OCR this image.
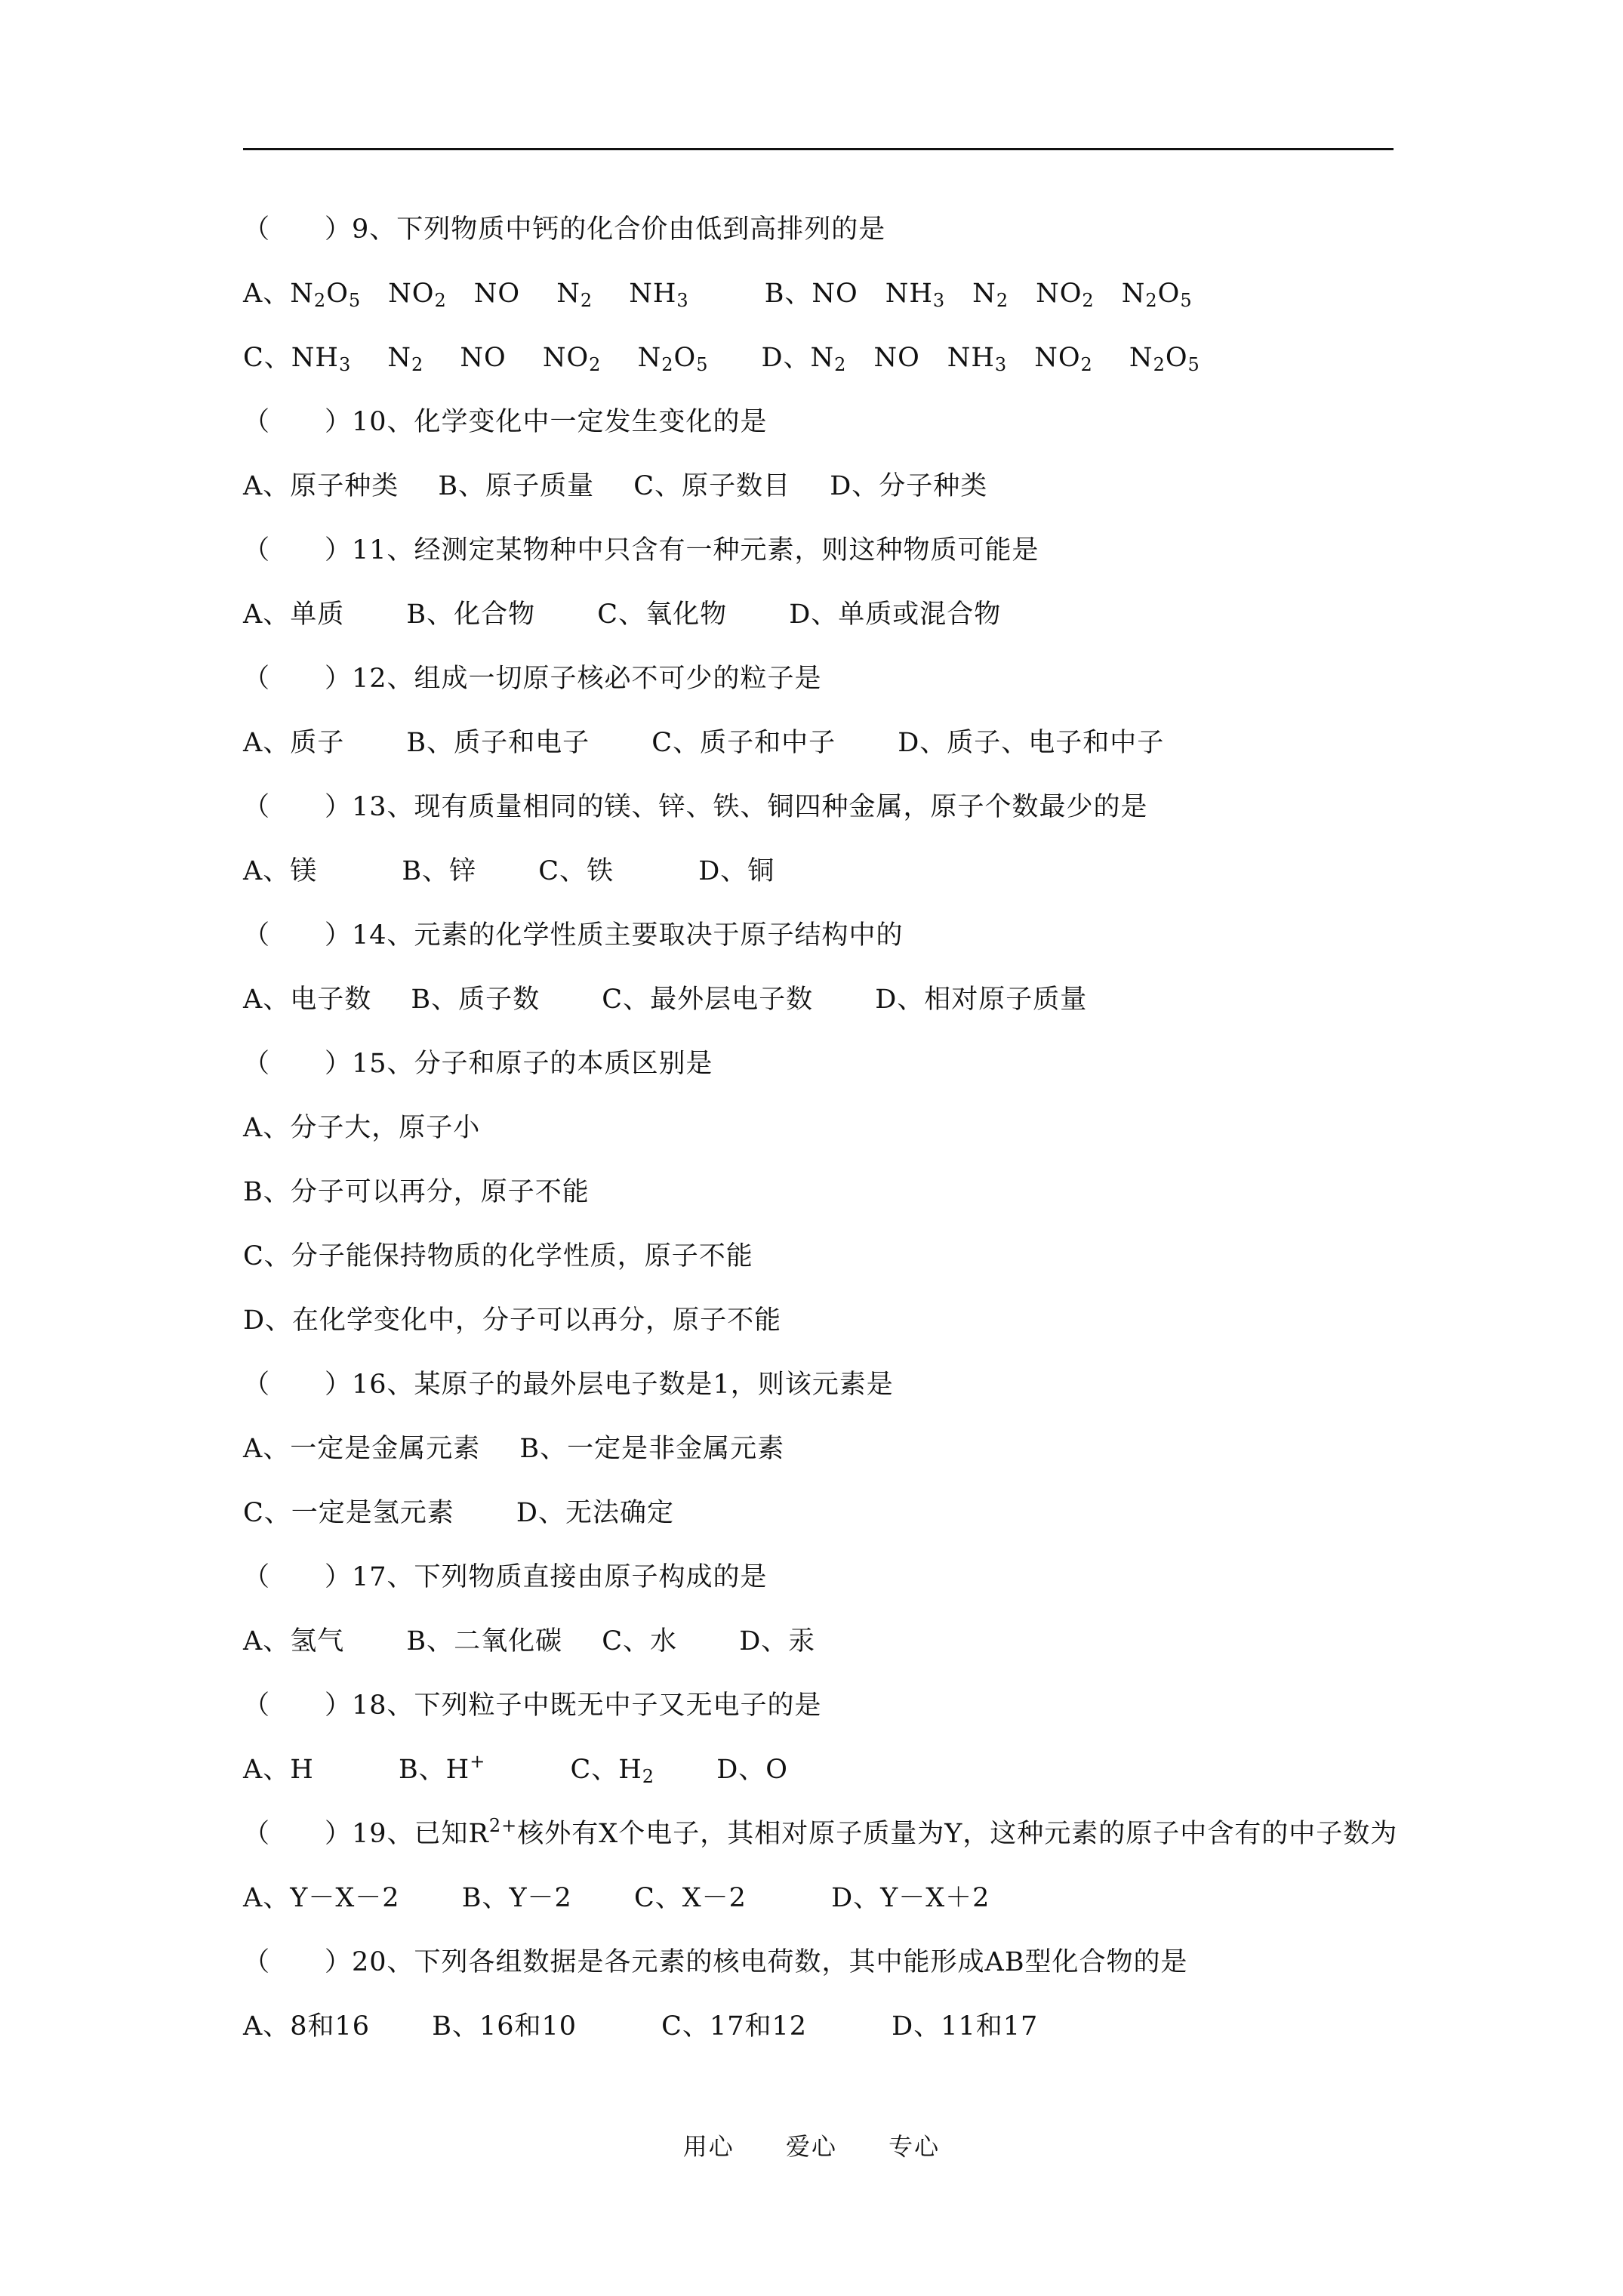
（　　）9、下列物质中钙的化合价由低到高排列的是
A、$N_2O_5$　$NO_2$　NO　 $N_2$　 $NH_3$	B、NO　$NH_3$　$N_2$　$NO_2$　$N_2O_5$
C、$NH_3$　 $N_2$　 NO　 $NO_2$　 $N_2O_5$ D、$N_2$　NO　$NH_3$　$NO_2$　 $N_2O_5$
（　　）10、化学变化中一定发生变化的是
A、原子种类 B、原子质量 C、原子数目 D、分子种类
（　　）11、经测定某物种中只含有一种元素，则这种物质可能是
A、单质 B、化合物 C、氧化物 D、单质或混合物
（　　）12、组成一切原子核必不可少的粒子是
A、质子 B、质子和电子 C、质子和中子 D、质子、电子和中子
（　　）13、现有质量相同的镁、锌、铁、铜四种金属，原子个数最少的是
A、镁	B、锌 C、铁	D、铜
（　　）14、元素的化学性质主要取决于原子结构中的
A、电子数 B、质子数 C、最外层电子数 D、相对原子质量
（　　）15、分子和原子的本质区别是
A、分子大，原子小
B、分子可以再分，原子不能
C、分子能保持物质的化学性质，原子不能
D、在化学变化中，分子可以再分，原子不能
（　　）16、某原子的最外层电子数是1，则该元素是
A、一定是金属元素 B、一定是非金属元素
C、一定是氢元素 D、无法确定
（　　）17、下列物质直接由原子构成的是
A、氢气 B、二氧化碳 C、水 D、汞
（　　）18、下列粒子中既无中子又无电子的是
A、H	B、H+	C、$H_2$ D、O
（　　）19、已知$R^{2+}$核外有X个电子，其相对原子质量为Y，这种元素的原子中含有的中子数为
A、Y－X－2 B、Y－2 C、X－2	D、Y－X＋2
（　　）20、下列各组数据是各元素的核电荷数，其中能形成AB型化合物的是
A、8和16 B、16和10	C、17和12	D、11和17
用心 爱心 专心
